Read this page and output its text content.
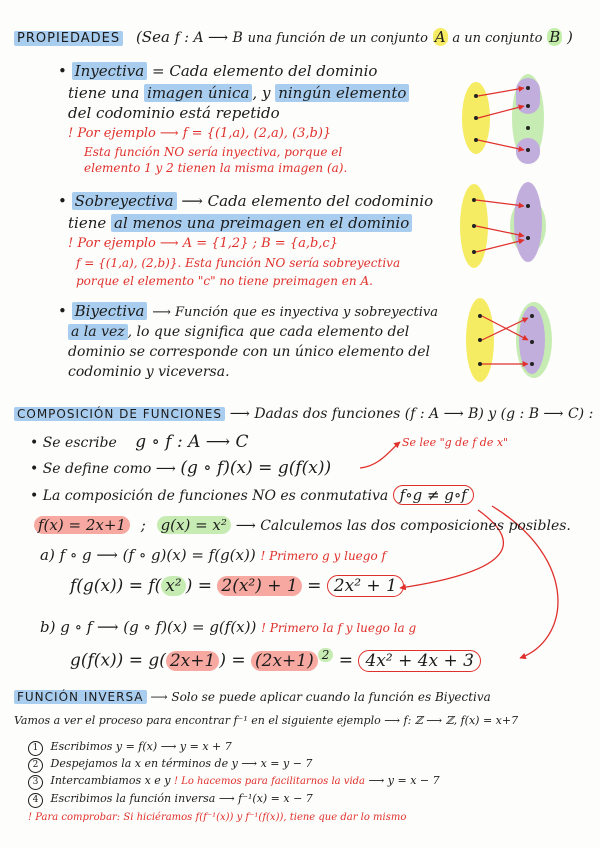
PROPIEDADES (Sea f : A ⟶ B una función de un conjunto A a un conjunto B )
• Inyectiva = Cada elemento del dominio
tiene una imagen única , y ningún elemento
del codominio está repetido
! Por ejemplo ⟶ f = {(1,a), (2,a), (3,b)}
Esta función NO sería inyectiva, porque el
elemento 1 y 2 tienen la misma imagen (a).
• Sobreyectiva ⟶ Cada elemento del codominio
tiene al menos una preimagen en el dominio
! Por ejemplo ⟶ A = {1,2} ; B = {a,b,c}
f = {(1,a), (2,b)}. Esta función NO sería sobreyectiva
porque el elemento "c" no tiene preimagen en A.
• Biyectiva ⟶ Función que es inyectiva y sobreyectiva
a la vez , lo que significa que cada elemento del
dominio se corresponde con un único elemento del
codominio y viceversa.
COMPOSICIÓN DE FUNCIONES ⟶ Dadas dos funciones (f : A ⟶ B) y (g : B ⟶ C) :
• Se escribe g ∘ f : A ⟶ C
• Se define como ⟶ (g ∘ f)(x) = g(f(x))
Se lee "g de f de x"
• La composición de funciones NO es conmutativa f∘g ≠ g∘f
f(x) = 2x+1 ; g(x) = x² ⟶ Calculemos las dos composiciones posibles.
a) f ∘ g ⟶ (f ∘ g)(x) = f(g(x)) ! Primero g y luego f
f(g(x)) = f( x² ) = 2(x²) + 1 = 2x² + 1
b) g ∘ f ⟶ (g ∘ f)(x) = g(f(x)) ! Primero la f y luego la g
g(f(x)) = g( 2x+1 ) = (2x+1) $^2$ = 4x² + 4x + 3
FUNCIÓN INVERSA ⟶ Solo se puede aplicar cuando la función es Biyectiva
Vamos a ver el proceso para encontrar f⁻¹ en el siguiente ejemplo ⟶ f: ℤ ⟶ ℤ, f(x) = x+7
1 Escribimos y = f(x) ⟶ y = x + 7
2 Despejamos la x en términos de y ⟶ x = y − 7
3 Intercambiamos x e y ! Lo hacemos para facilitarnos la vida ⟶ y = x − 7
4 Escribimos la función inversa ⟶ f⁻¹(x) = x − 7
! Para comprobar: Si hiciéramos f(f⁻¹(x)) y f⁻¹(f(x)), tiene que dar lo mismo
